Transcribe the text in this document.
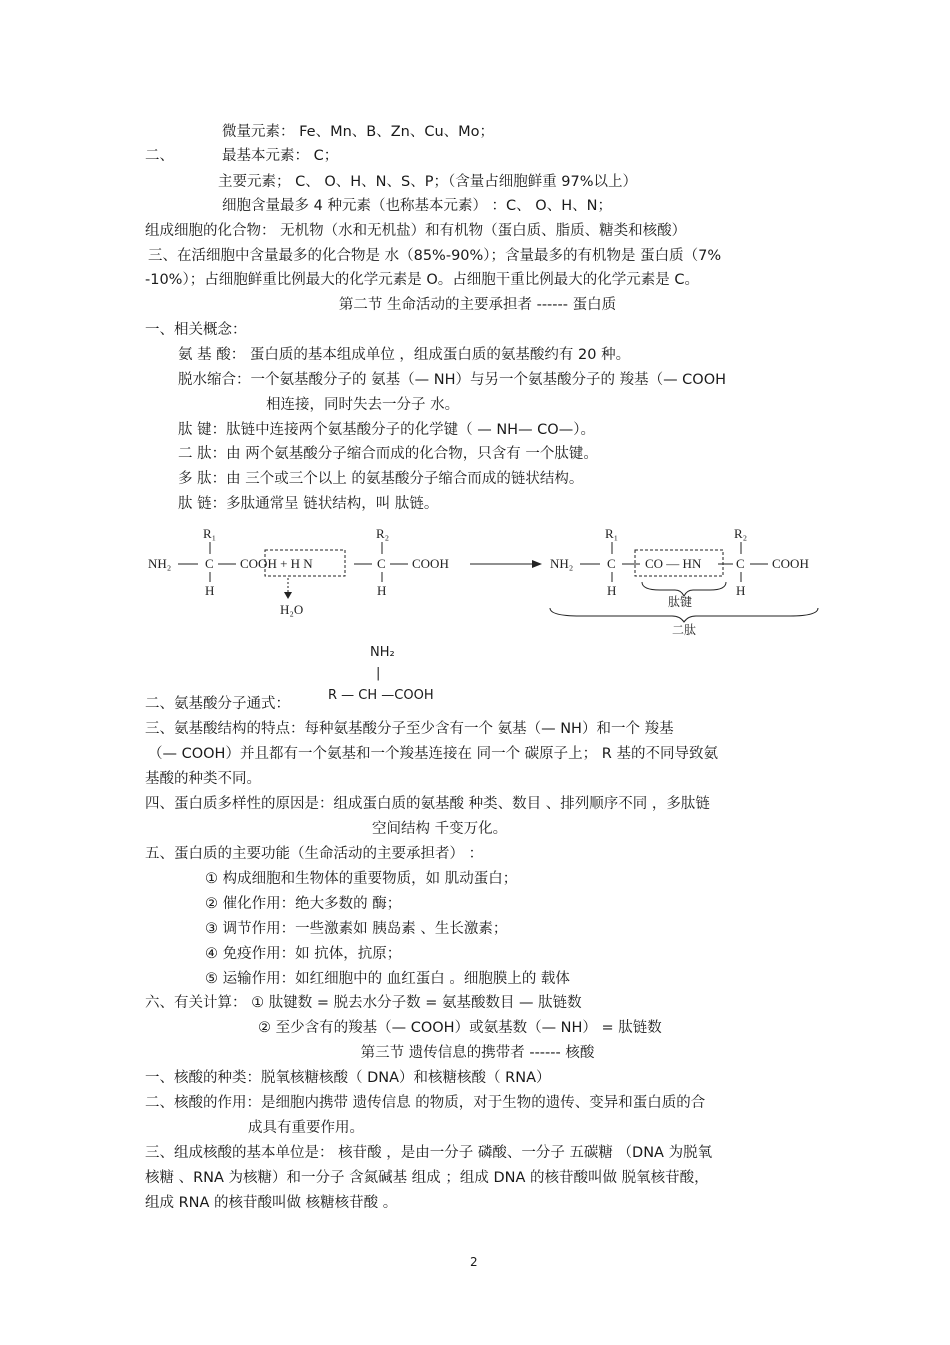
微量元素： Fe、Mn、B、Zn、Cu、Mo；
二、	最基本元素： C；
主要元素； C、 O、H、N、S、P；（含量占细胞鲜重 97%以上）
细胞含量最多 4 种元素（也称基本元素） ：C、 O、H、N；
组成细胞的化合物： 无机物（水和无机盐）和有机物（蛋白质、脂质、糖类和核酸）
三、在活细胞中含量最多的化合物是 水（85%-90%）；含量最多的有机物是 蛋白质（7%
-10%）；占细胞鲜重比例最大的化学元素是 O。占细胞干重比例最大的化学元素是 C。
第二节 生命活动的主要承担者 ------ 蛋白质
一、相关概念：
氨 基 酸： 蛋白质的基本组成单位 ，组成蛋白质的氨基酸约有 20 种。
脱水缩合：一个氨基酸分子的 氨基（— NH）与另一个氨基酸分子的 羧基（— COOH
相连接，同时失去一分子 水。
肽 键：肽链中连接两个氨基酸分子的化学键（ — NH— CO—）。
二 肽：由 两个氨基酸分子缩合而成的化合物，只含有 一个肽键。
多 肽：由 三个或三个以上 的氨基酸分子缩合而成的链状结构。
肽 链：多肽通常呈 链状结构，叫 肽链。
NH₂	C
R₁
H
COOH + H N
H₂O
C
R₂
H
COOH	NH₂	C
R₁
H
CO — HN	C
R₂
H
COOH
肽键
二肽
NH₂
|
R — CH —COOH
二、氨基酸分子通式：
三、氨基酸结构的特点：每种氨基酸分子至少含有一个 氨基（— NH）和一个 羧基
（— COOH）并且都有一个氨基和一个羧基连接在 同一个 碳原子上； R 基的不同导致氨
基酸的种类不同。
四、蛋白质多样性的原因是：组成蛋白质的氨基酸 种类、数目 、排列顺序不同 ，多肽链
空间结构 千变万化。
五、蛋白质的主要功能（生命活动的主要承担者） ：
① 构成细胞和生物体的重要物质，如 肌动蛋白；
② 催化作用：绝大多数的 酶；
③ 调节作用：一些激素如 胰岛素 、生长激素；
④ 免疫作用：如 抗体，抗原；
⑤ 运输作用：如红细胞中的 血红蛋白 。细胞膜上的 载体
六、有关计算： ① 肽键数 = 脱去水分子数 = 氨基酸数目 — 肽链数
② 至少含有的羧基（— COOH）或氨基数（— NH） = 肽链数
第三节 遗传信息的携带者 ------ 核酸
一、核酸的种类：脱氧核糖核酸（ DNA）和核糖核酸（ RNA）
二、核酸的作用：是细胞内携带 遗传信息 的物质，对于生物的遗传、变异和蛋白质的合
成具有重要作用。
三、组成核酸的基本单位是： 核苷酸 ，是由一分子 磷酸、一分子 五碳糖 （DNA 为脱氧
核糖 、RNA 为核糖）和一分子 含氮碱基 组成 ；组成 DNA 的核苷酸叫做 脱氧核苷酸，
组成 RNA 的核苷酸叫做 核糖核苷酸 。
2
